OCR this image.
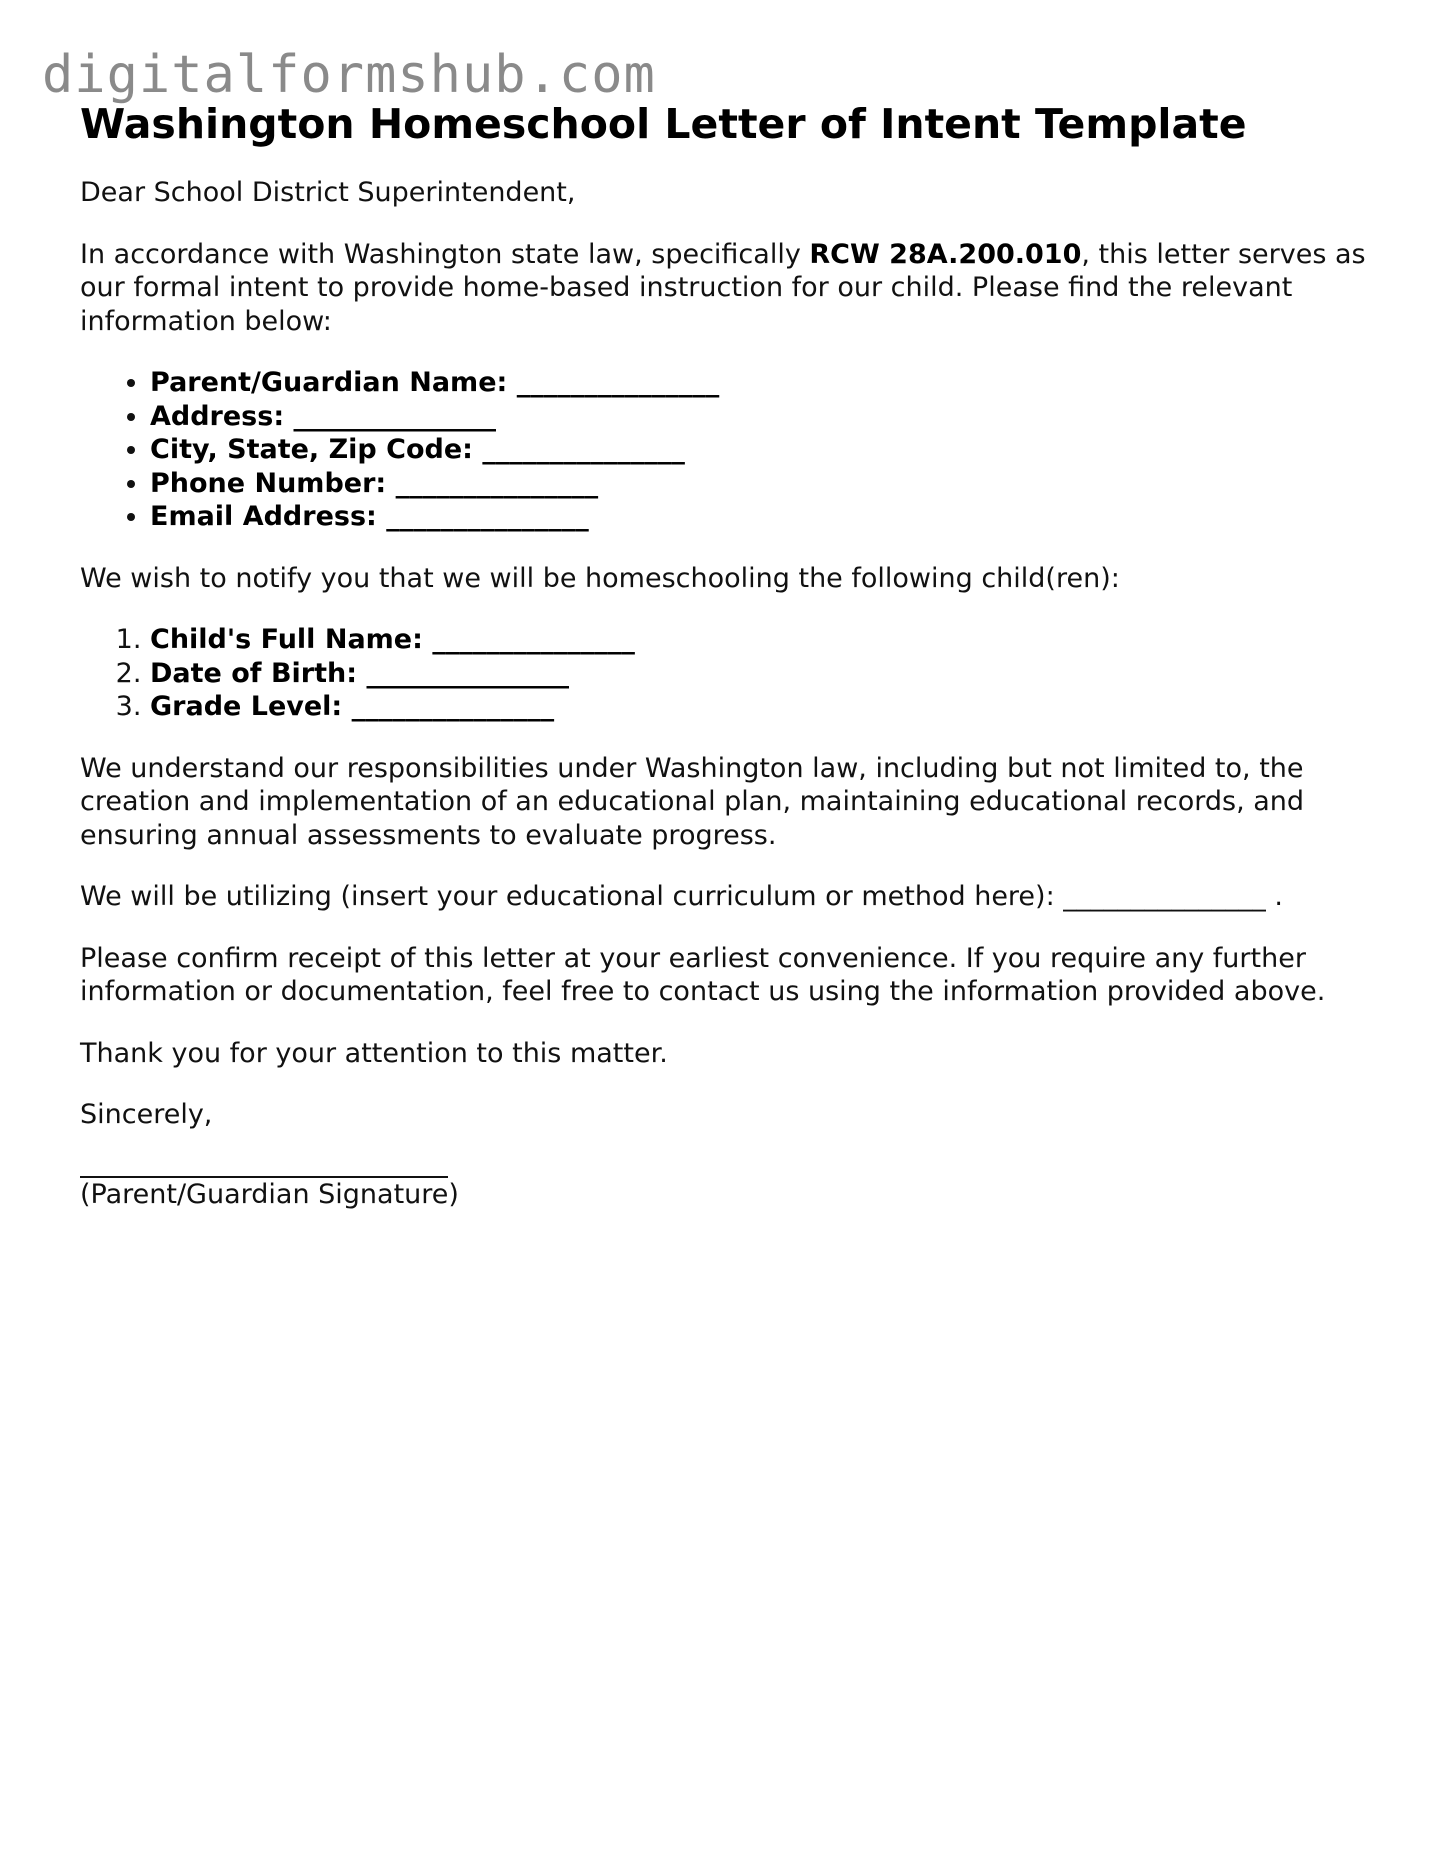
digitalformshub.com
Washington Homeschool Letter of Intent Template

Dear School District Superintendent,

In accordance with Washington state law, specifically RCW 28A.200.010, this letter serves as our formal intent to provide home-based instruction for our child. Please find the relevant information below:

• Parent/Guardian Name: _______________
• Address: _______________
• City, State, Zip Code: _______________
• Phone Number: _______________
• Email Address: _______________

We wish to notify you that we will be homeschooling the following child(ren):

1. Child's Full Name: _______________
2. Date of Birth: _______________
3. Grade Level: _______________

We understand our responsibilities under Washington law, including but not limited to, the creation and implementation of an educational plan, maintaining educational records, and ensuring annual assessments to evaluate progress.

We will be utilizing (insert your educational curriculum or method here): _______________ .

Please confirm receipt of this letter at your earliest convenience. If you require any further information or documentation, feel free to contact us using the information provided above.

Thank you for your attention to this matter.

Sincerely,

(Parent/Guardian Signature)
